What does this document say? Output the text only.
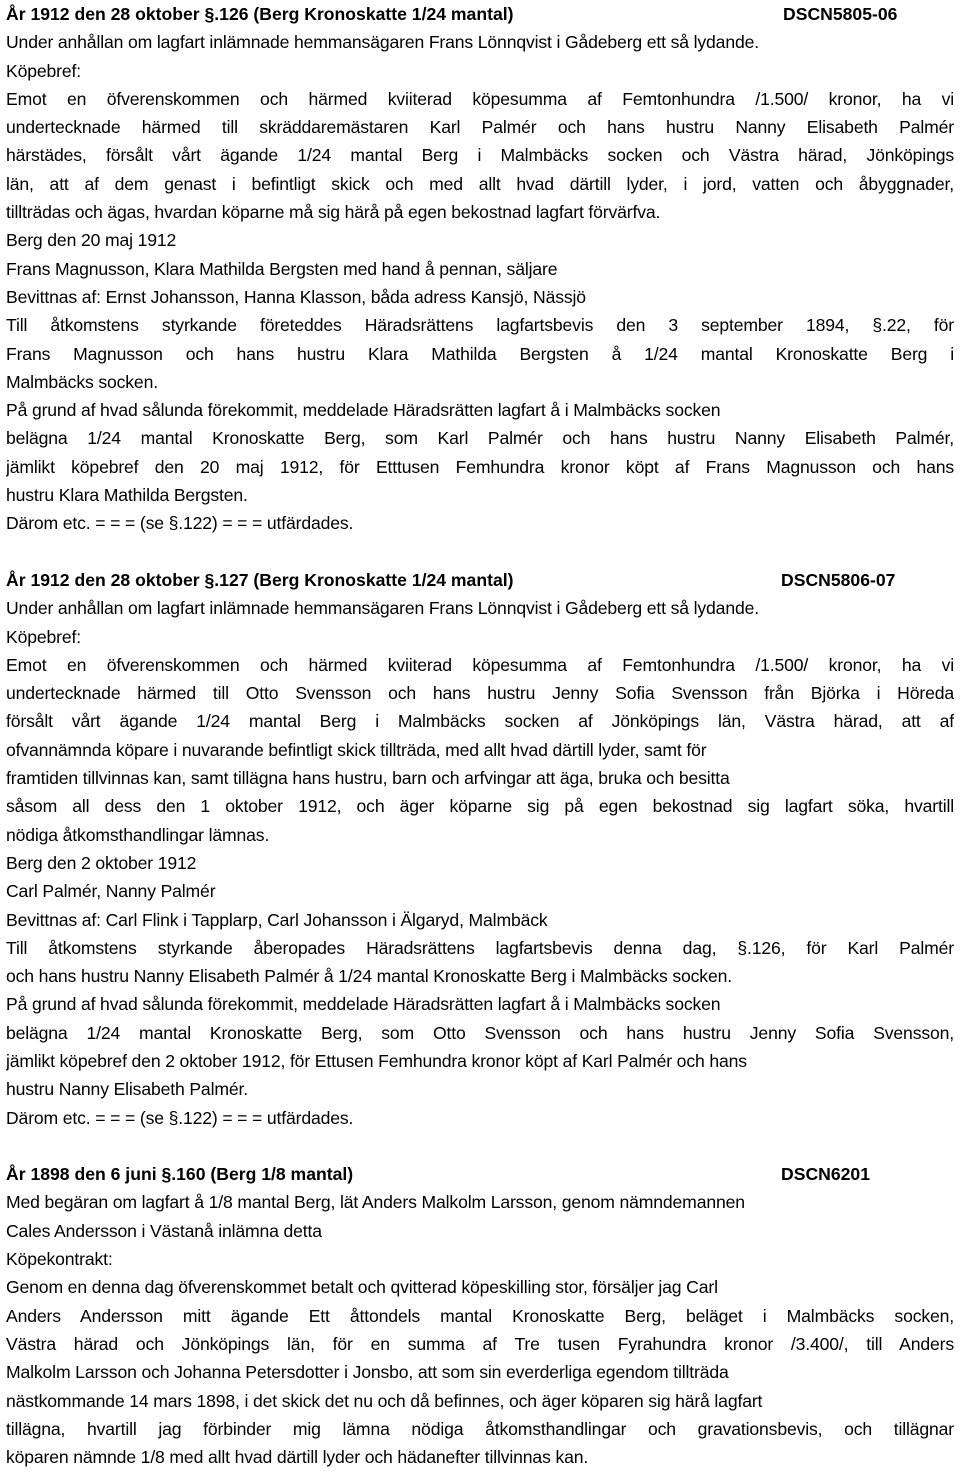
År 1912 den 28 oktober §.126 (Berg Kronoskatte 1/24 mantal)	DSCN5805-06
Under anhållan om lagfart inlämnade hemmansägaren Frans Lönnqvist i Gådeberg ett så lydande.
Köpebref:
Emot en öfverenskommen och härmed kviiterad köpesumma af Femtonhundra /1.500/ kronor, ha vi
undertecknade härmed till skräddaremästaren Karl Palmér och hans hustru Nanny Elisabeth Palmér
härstädes, försålt vårt ägande 1/24 mantal Berg i Malmbäcks socken och Västra härad, Jönköpings
län, att af dem genast i befintligt skick och med allt hvad därtill lyder, i jord, vatten och åbyggnader,
tillträdas och ägas, hvardan köparne må sig härå på egen bekostnad lagfart förvärfva.
Berg den 20 maj 1912
Frans Magnusson, Klara Mathilda Bergsten med hand å pennan, säljare
Bevittnas af: Ernst Johansson, Hanna Klasson, båda adress Kansjö, Nässjö
Till åtkomstens styrkande företeddes Häradsrättens lagfartsbevis den 3 september 1894, §.22, för
Frans Magnusson och hans hustru Klara Mathilda Bergsten å 1/24 mantal Kronoskatte Berg i
Malmbäcks socken.
På grund af hvad sålunda förekommit, meddelade Häradsrätten lagfart å i Malmbäcks socken
belägna 1/24 mantal Kronoskatte Berg, som Karl Palmér och hans hustru Nanny Elisabeth Palmér,
jämlikt köpebref den 20 maj 1912, för Etttusen Femhundra kronor köpt af Frans Magnusson och hans
hustru Klara Mathilda Bergsten.
Därom etc. = = = (se §.122) = = = utfärdades.
År 1912 den 28 oktober §.127 (Berg Kronoskatte 1/24 mantal)	DSCN5806-07
Under anhållan om lagfart inlämnade hemmansägaren Frans Lönnqvist i Gådeberg ett så lydande.
Köpebref:
Emot en öfverenskommen och härmed kviiterad köpesumma af Femtonhundra /1.500/ kronor, ha vi
undertecknade härmed till Otto Svensson och hans hustru Jenny Sofia Svensson från Björka i Höreda
försålt vårt ägande 1/24 mantal Berg i Malmbäcks socken af Jönköpings län, Västra härad, att af
ofvannämnda köpare i nuvarande befintligt skick tillträda, med allt hvad därtill lyder, samt för
framtiden tillvinnas kan, samt tillägna hans hustru, barn och arfvingar att äga, bruka och besitta
såsom all dess den 1 oktober 1912, och äger köparne sig på egen bekostnad sig lagfart söka, hvartill
nödiga åtkomsthandlingar lämnas.
Berg den 2 oktober 1912
Carl Palmér, Nanny Palmér
Bevittnas af: Carl Flink i Tapplarp, Carl Johansson i Älgaryd, Malmbäck
Till åtkomstens styrkande åberopades Häradsrättens lagfartsbevis denna dag, §.126, för Karl Palmér
och hans hustru Nanny Elisabeth Palmér å 1/24 mantal Kronoskatte Berg i Malmbäcks socken.
På grund af hvad sålunda förekommit, meddelade Häradsrätten lagfart å i Malmbäcks socken
belägna 1/24 mantal Kronoskatte Berg, som Otto Svensson och hans hustru Jenny Sofia Svensson,
jämlikt köpebref den 2 oktober 1912, för Ettusen Femhundra kronor köpt af Karl Palmér och hans
hustru Nanny Elisabeth Palmér.
Därom etc. = = = (se §.122) = = = utfärdades.
År 1898 den 6 juni §.160 (Berg 1/8 mantal)	DSCN6201
Med begäran om lagfart å 1/8 mantal Berg, lät Anders Malkolm Larsson, genom nämndemannen
Cales Andersson i Västanå inlämna detta
Köpekontrakt:
Genom en denna dag öfverenskommet betalt och qvitterad köpeskilling stor, försäljer jag Carl
Anders Andersson mitt ägande Ett åttondels mantal Kronoskatte Berg, beläget i Malmbäcks socken,
Västra härad och Jönköpings län, för en summa af Tre tusen Fyrahundra kronor /3.400/, till Anders
Malkolm Larsson och Johanna Petersdotter i Jonsbo, att som sin everderliga egendom tillträda
nästkommande 14 mars 1898, i det skick det nu och då befinnes, och äger köparen sig härå lagfart
tillägna, hvartill jag förbinder mig lämna nödiga åtkomsthandlingar och gravationsbevis, och tillägnar
köparen nämnde 1/8 med allt hvad därtill lyder och hädanefter tillvinnas kan.
